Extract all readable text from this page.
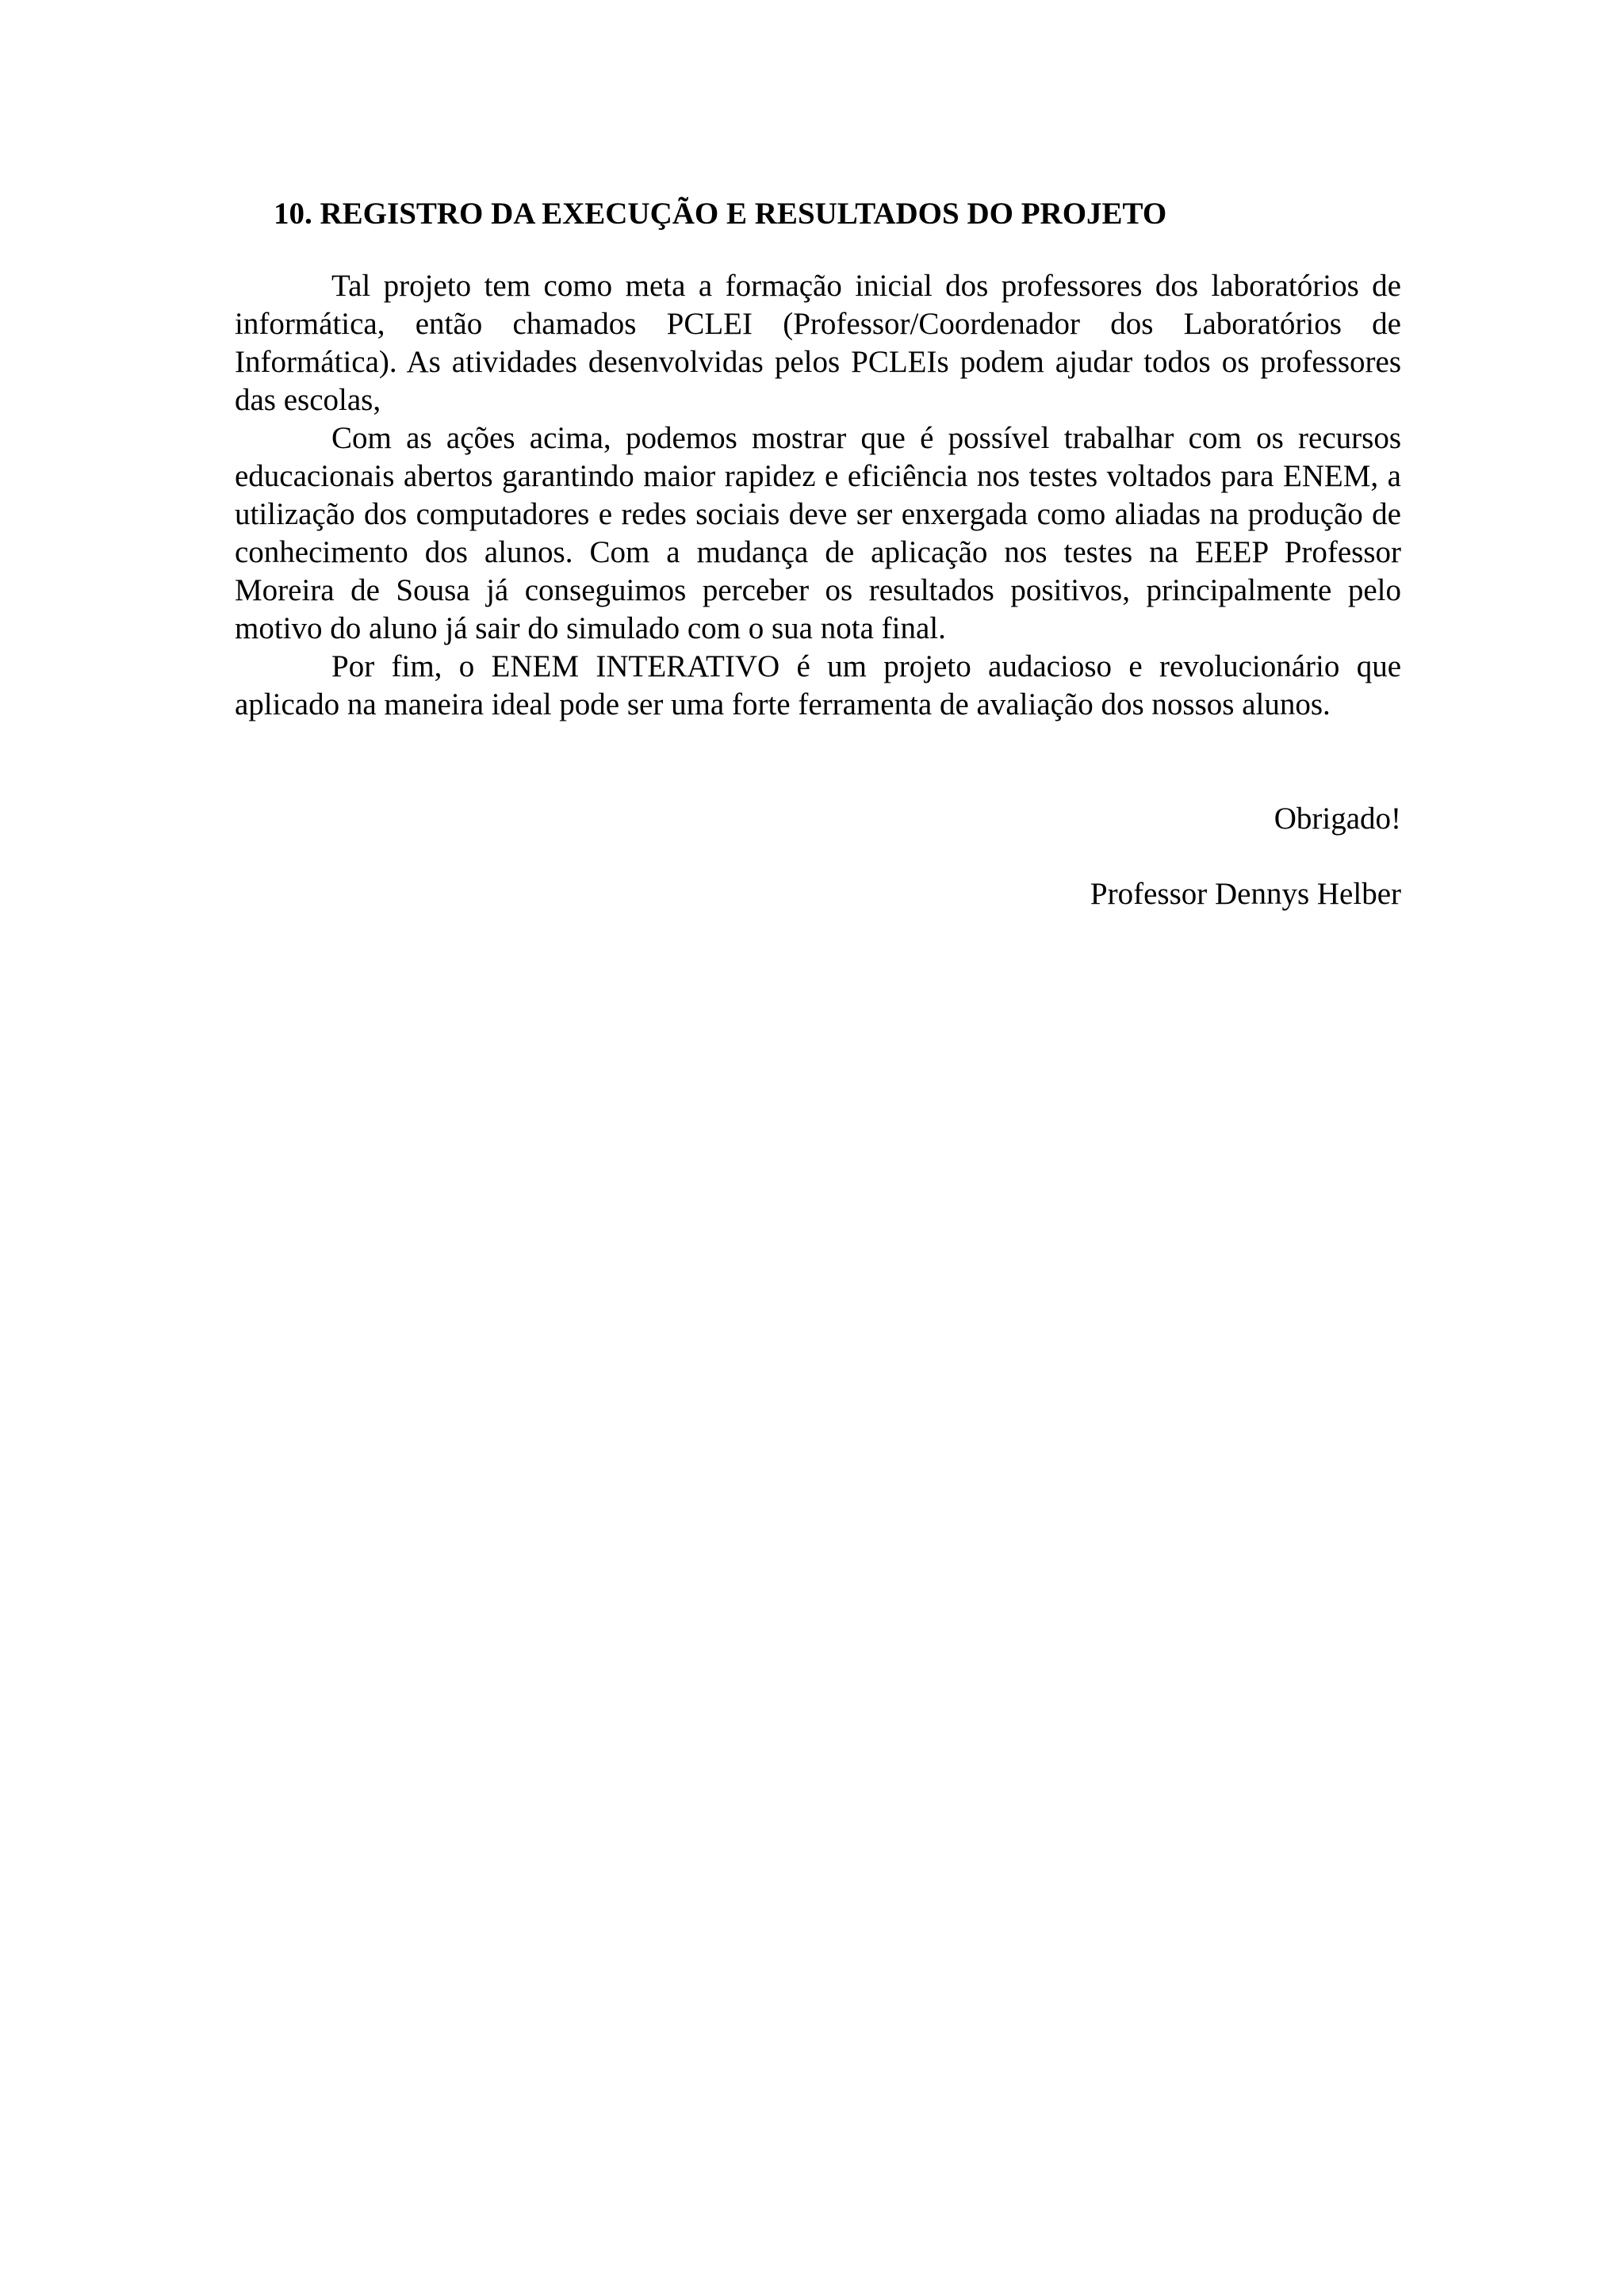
10. REGISTRO DA EXECUÇÃO E RESULTADOS DO PROJETO

Tal projeto tem como meta a formação inicial dos professores dos laboratórios de informática, então chamados PCLEI (Professor/Coordenador dos Laboratórios de Informática). As atividades desenvolvidas pelos PCLEIs podem ajudar todos os professores das escolas,

Com as ações acima, podemos mostrar que é possível trabalhar com os recursos educacionais abertos garantindo maior rapidez e eficiência nos testes voltados para ENEM, a utilização dos computadores e redes sociais deve ser enxergada como aliadas na produção de conhecimento dos alunos. Com a mudança de aplicação nos testes na EEEP Professor Moreira de Sousa já conseguimos perceber os resultados positivos, principalmente pelo motivo do aluno já sair do simulado com o sua nota final.

Por fim, o ENEM INTERATIVO é um projeto audacioso e revolucionário que aplicado na maneira ideal pode ser uma forte ferramenta de avaliação dos nossos alunos.

Obrigado!

Professor Dennys Helber
